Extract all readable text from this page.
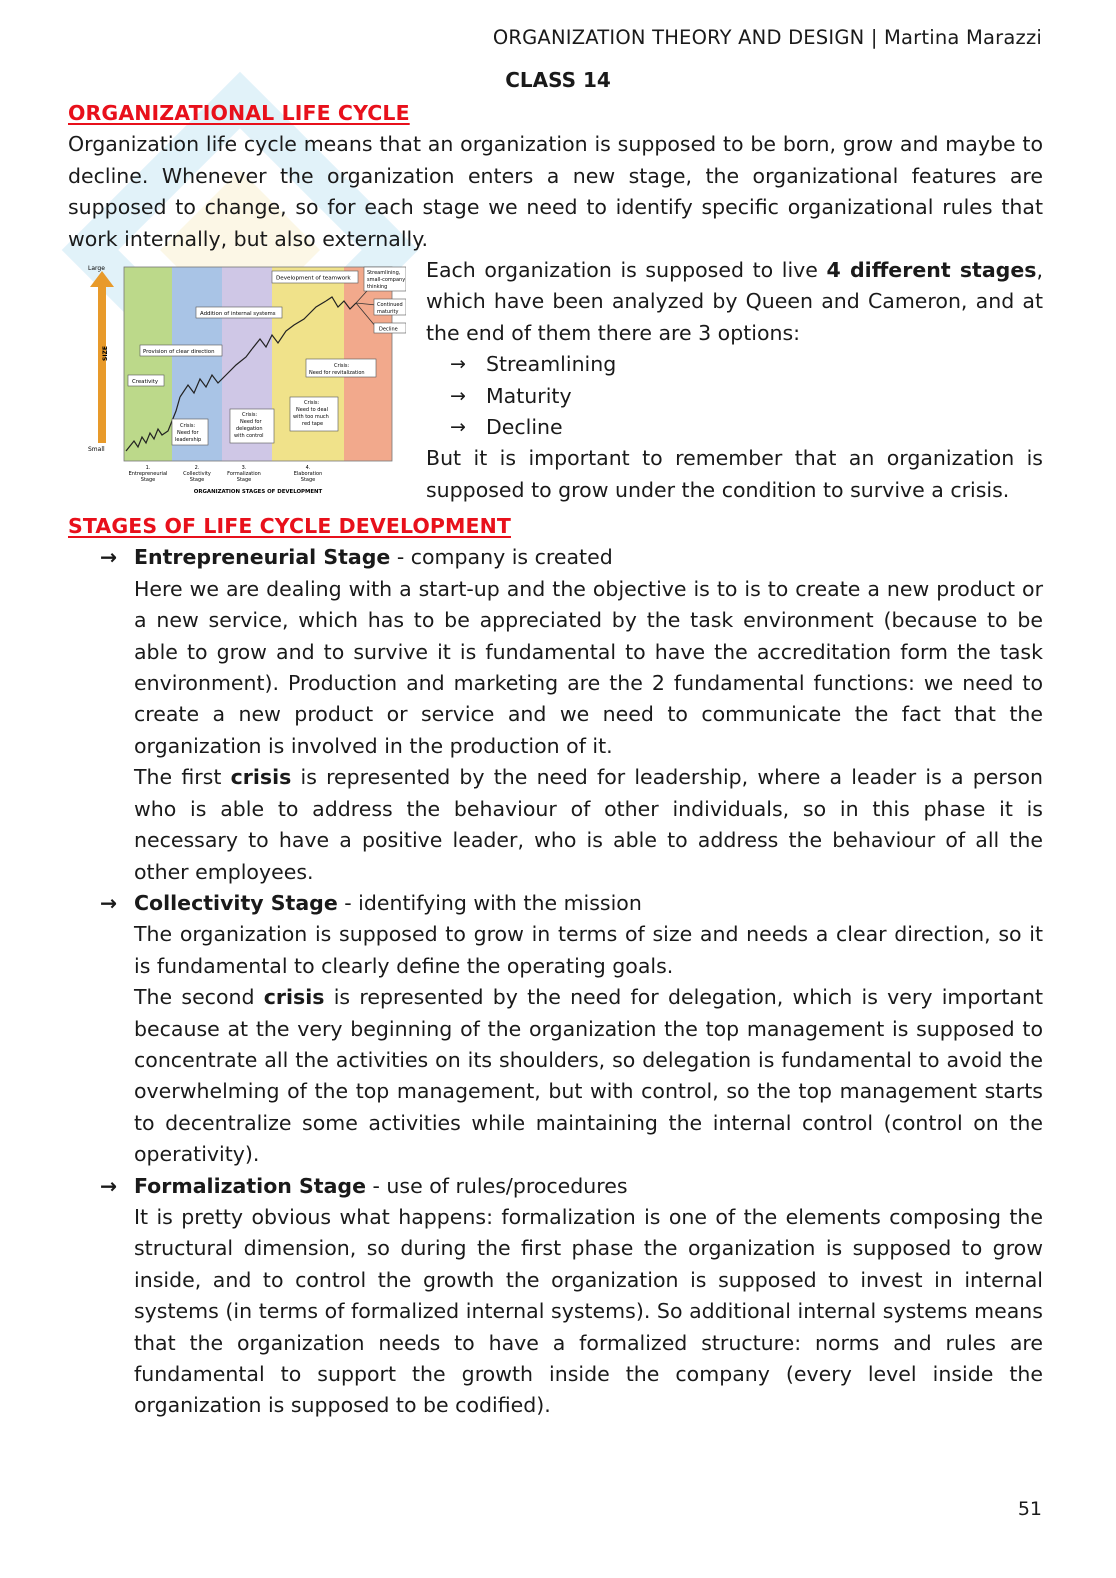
ORGANIZATION THEORY AND DESIGN | Martina Marazzi
CLASS 14
ORGANIZATIONAL LIFE CYCLE

Organization life cycle means that an organization is supposed to be born, grow and maybe to decline. Whenever the organization enters a new stage, the organizational features are supposed to change, so for each stage we need to identify specific organizational rules that work internally, but also externally.

Large
Small
SIZE
Development of teamwork
Streamlining,
small-company
thinking
Continued
maturity
Decline
Addition of internal systems
Provision of clear direction
Creativity
Crisis:
Need for revitalization
Crisis:
Need to deal
with too much
red tape
Crisis:
Need for
delegation
with control
Crisis:
Need for
leadership
1.
Entrepreneurial
Stage
2.
Collectivity
Stage
3.
Formalization
Stage
4.
Elaboration
Stage
ORGANIZATION STAGES OF DEVELOPMENT

Each organization is supposed to live 4 different stages, which have been analyzed by Queen and Cameron, and at the end of them there are 3 options:

→ Streamlining
→ Maturity
→ Decline

But it is important to remember that an organization is supposed to grow under the condition to survive a crisis.

STAGES OF LIFE CYCLE DEVELOPMENT
→ Entrepreneurial Stage - company is created

Here we are dealing with a start-up and the objective is to is to create a new product or a new service, which has to be appreciated by the task environment (because to be able to grow and to survive it is fundamental to have the accreditation form the task environment). Production and marketing are the 2 fundamental functions: we need to create a new product or service and we need to communicate the fact that the organization is involved in the production of it.

The first crisis is represented by the need for leadership, where a leader is a person who is able to address the behaviour of other individuals, so in this phase it is necessary to have a positive leader, who is able to address the behaviour of all the other employees.

→ Collectivity Stage - identifying with the mission

The organization is supposed to grow in terms of size and needs a clear direction, so it is fundamental to clearly define the operating goals.

The second crisis is represented by the need for delegation, which is very important because at the very beginning of the organization the top management is supposed to concentrate all the activities on its shoulders, so delegation is fundamental to avoid the overwhelming of the top management, but with control, so the top management starts to decentralize some activities while maintaining the internal control (control on the operativity).

→ Formalization Stage - use of rules/procedures

It is pretty obvious what happens: formalization is one of the elements composing the structural dimension, so during the first phase the organization is supposed to grow inside, and to control the growth the organization is supposed to invest in internal systems (in terms of formalized internal systems). So additional internal systems means that the organization needs to have a formalized structure: norms and rules are fundamental to support the growth inside the company (every level inside the organization is supposed to be codified).

51
